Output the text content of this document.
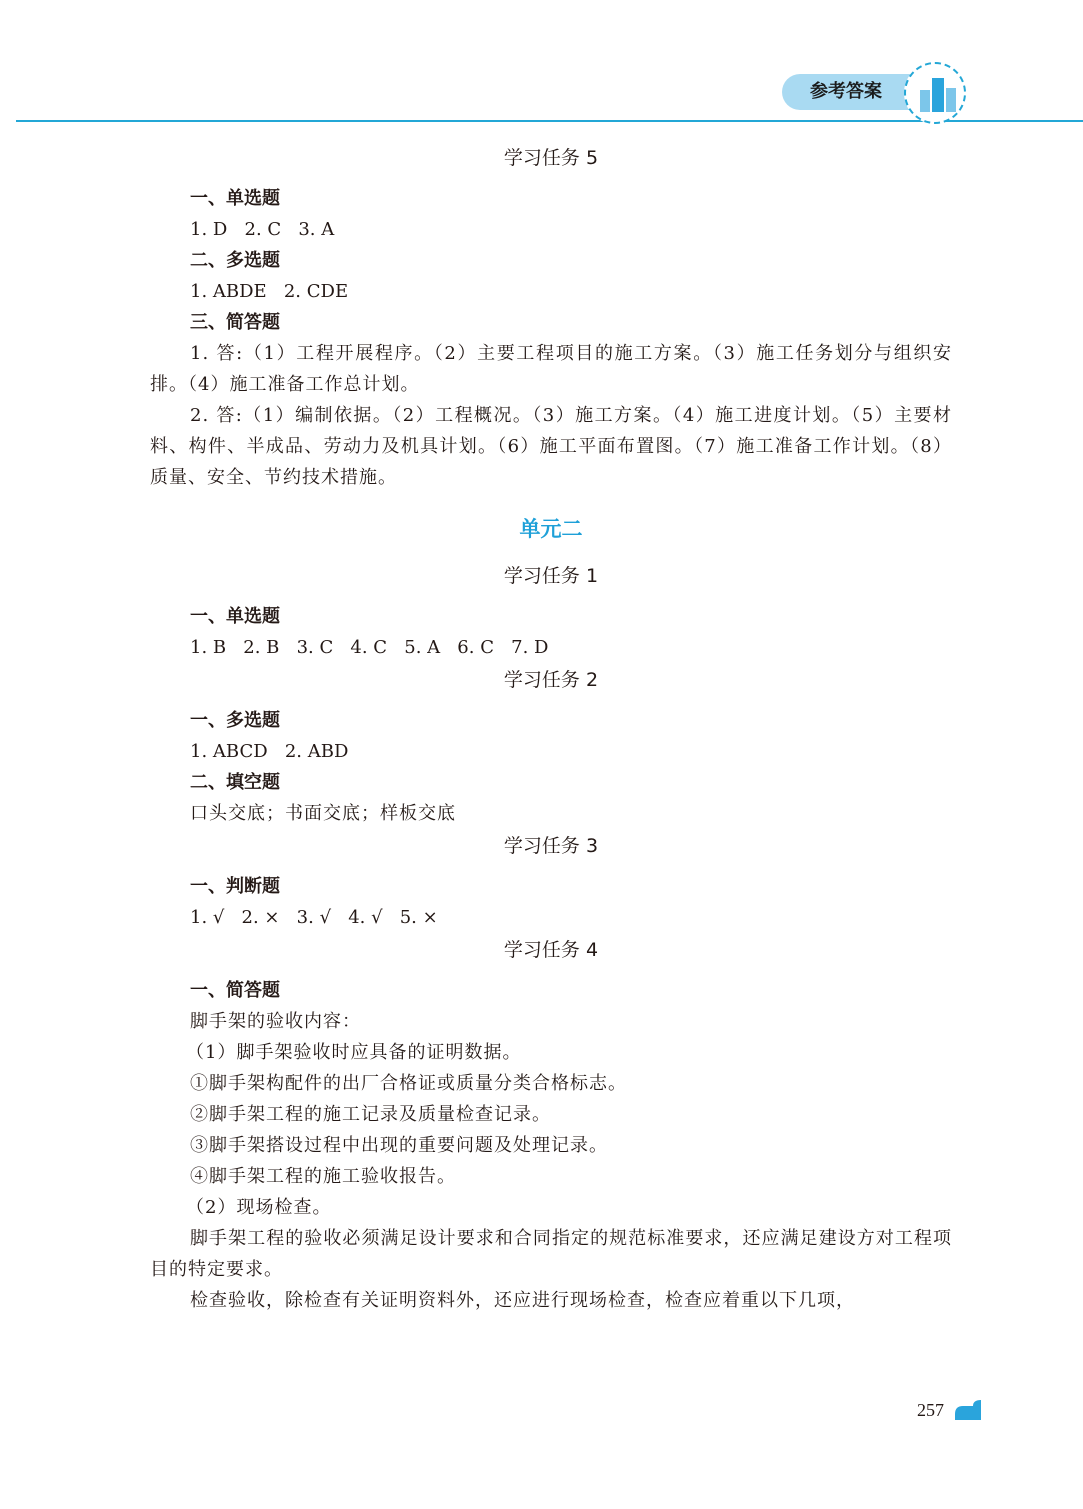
参考答案
学习任务 5
一、单选题
1. D   2. C   3. A
二、多选题
1. ABDE   2. CDE
三、简答题
1. 答:（1）工程开展程序。（2）主要工程项目的施工方案。（3）施工任务划分与组织安排。（4）施工准备工作总计划。
2. 答:（1）编制依据。（2）工程概况。（3）施工方案。（4）施工进度计划。（5）主要材料、构件、半成品、劳动力及机具计划。（6）施工平面布置图。（7）施工准备工作计划。（8）质量、安全、节约技术措施。
单元二
学习任务 1
一、单选题
1. B   2. B   3. C   4. C   5. A   6. C   7. D
学习任务 2
一、多选题
1. ABCD   2. ABD
二、填空题
口头交底；书面交底；样板交底
学习任务 3
一、判断题
1. √   2. ×   3. √   4. √   5. ×
学习任务 4
一、简答题
脚手架的验收内容：
（1）脚手架验收时应具备的证明数据。
①脚手架构配件的出厂合格证或质量分类合格标志。
②脚手架工程的施工记录及质量检查记录。
③脚手架搭设过程中出现的重要问题及处理记录。
④脚手架工程的施工验收报告。
（2）现场检查。
脚手架工程的验收必须满足设计要求和合同指定的规范标准要求，还应满足建设方对工程项目的特定要求。
检查验收，除检查有关证明资料外，还应进行现场检查，检查应着重以下几项，
257
